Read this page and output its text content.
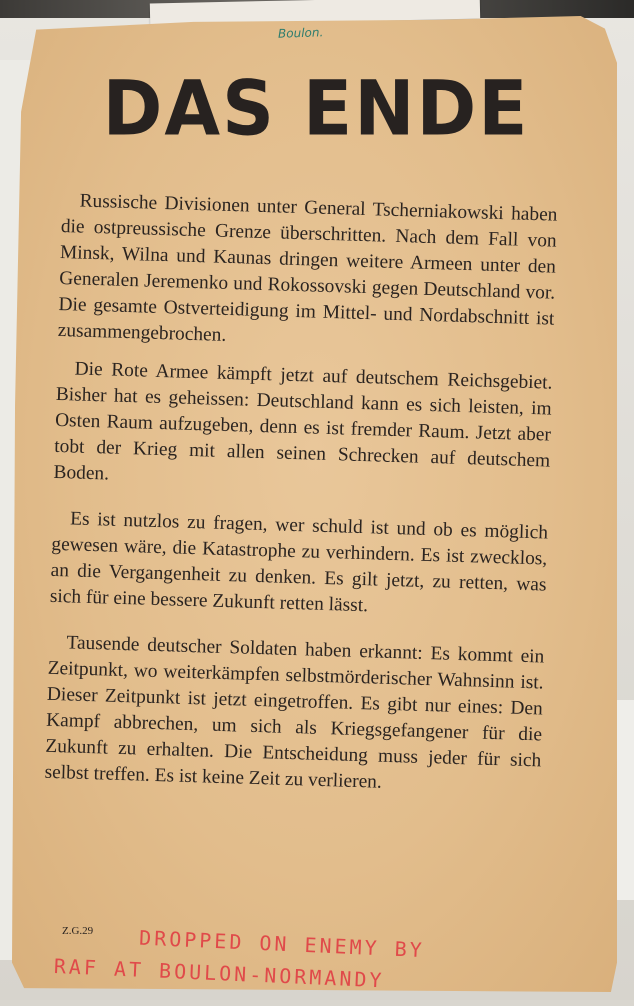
Boulon.
DAS ENDE

Russische Divisionen unter General Tscherniakowski haben die ostpreussische Grenze überschritten. Nach dem Fall von Minsk, Wilna und Kaunas dringen weitere Armeen unter den Generalen Jeremenko und Rokossovski gegen Deutschland vor. Die gesamte Ostverteidigung im Mittel- und Nordabschnitt ist zusammengebrochen.

Die Rote Armee kämpft jetzt auf deutschem Reichsgebiet. Bisher hat es geheissen: Deutschland kann es sich leisten, im Osten Raum aufzugeben, denn es ist fremder Raum. Jetzt aber tobt der Krieg mit allen seinen Schrecken auf deutschem Boden.

Es ist nutzlos zu fragen, wer schuld ist und ob es möglich gewesen wäre, die Katastrophe zu verhindern. Es ist zwecklos, an die Vergangenheit zu denken. Es gilt jetzt, zu retten, was sich für eine bessere Zukunft retten lässt.

Tausende deutscher Soldaten haben erkannt: Es kommt ein Zeitpunkt, wo weiterkämpfen selbstmörderischer Wahnsinn ist. Dieser Zeitpunkt ist jetzt eingetroffen. Es gibt nur eines: Den Kampf abbrechen, um sich als Kriegsgefangener für die Zukunft zu erhalten. Die Entscheidung muss jeder für sich selbst treffen. Es ist keine Zeit zu verlieren.

Z.G.29	DROPPED ON ENEMY BY
RAF AT BOULON-NORMANDY
